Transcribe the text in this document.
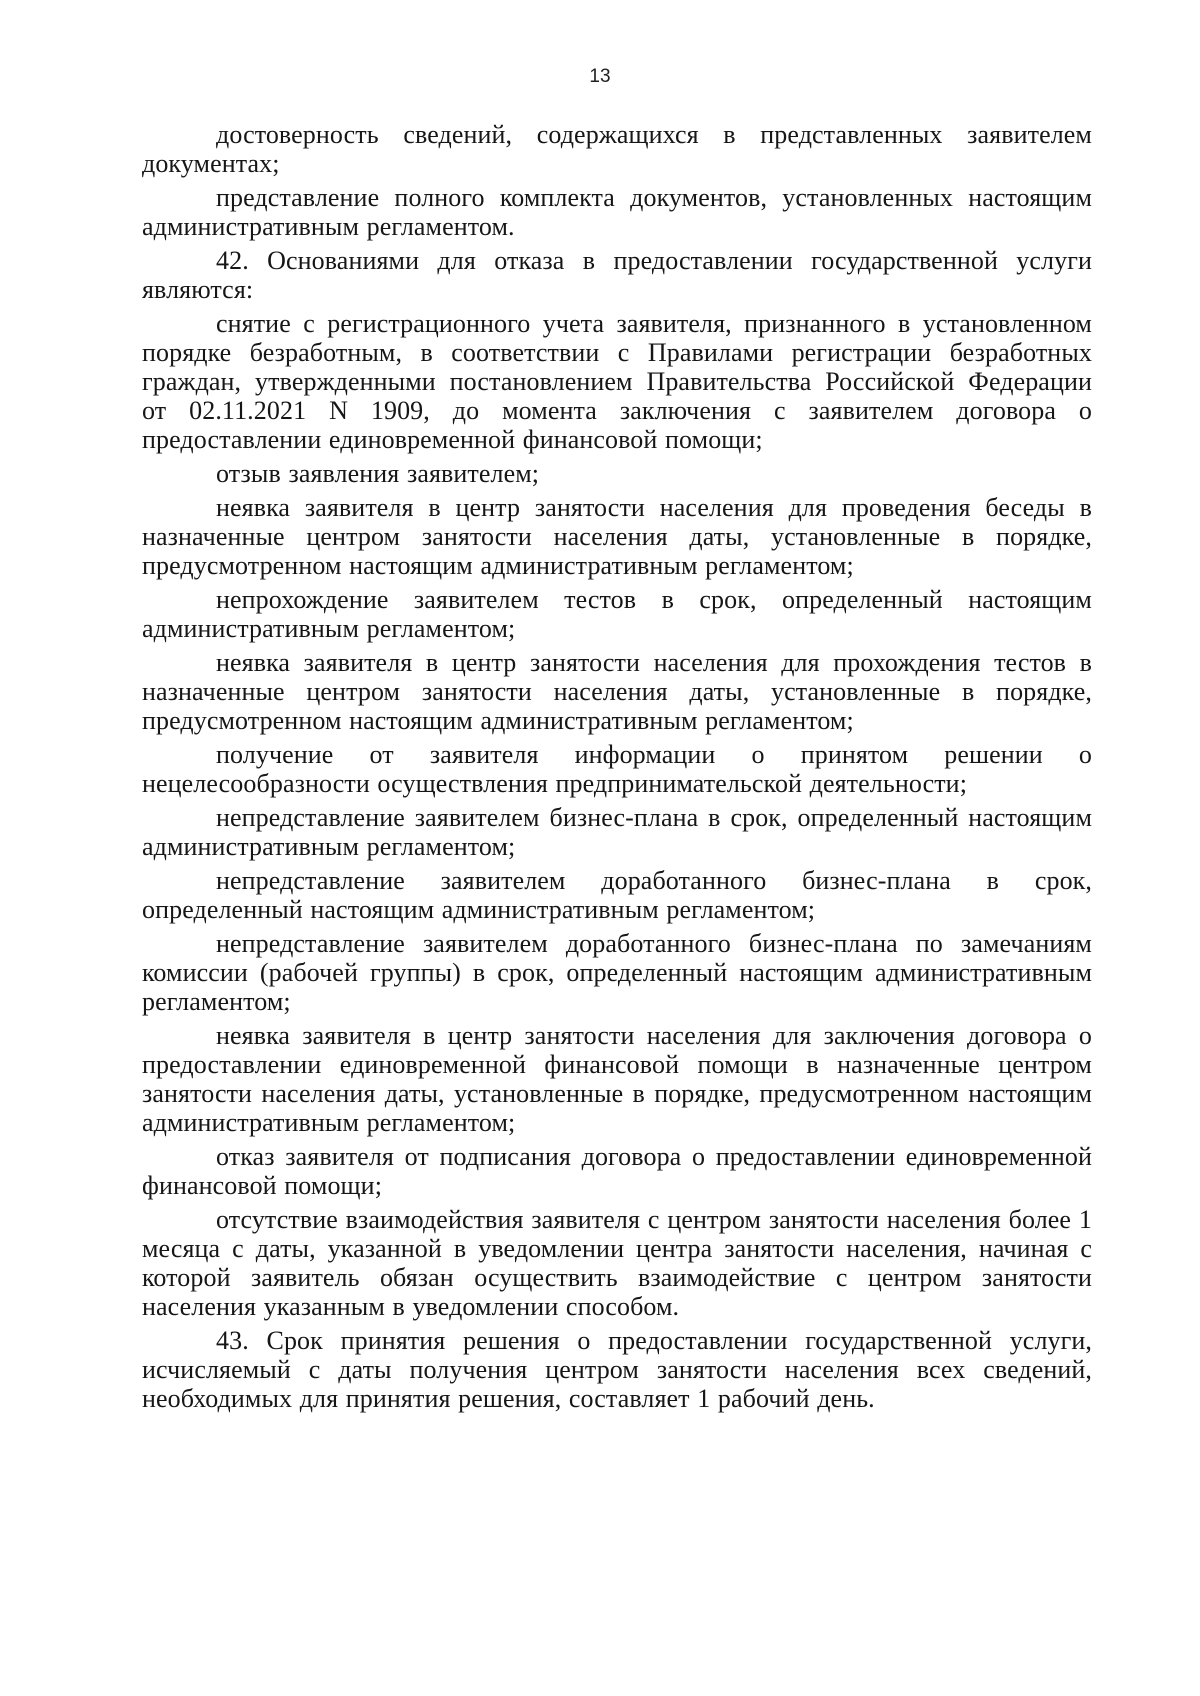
13

достоверность сведений, содержащихся в представленных заявителем документах;

представление полного комплекта документов, установленных настоящим административным регламентом.

42. Основаниями для отказа в предоставлении государственной услуги являются:

снятие с регистрационного учета заявителя, признанного в установленном порядке безработным, в соответствии с Правилами регистрации безработных граждан, утвержденными постановлением Правительства Российской Федерации от 02.11.2021 N 1909, до момента заключения с заявителем договора о предоставлении единовременной финансовой помощи;

отзыв заявления заявителем;

неявка заявителя в центр занятости населения для проведения беседы в назначенные центром занятости населения даты, установленные в порядке, предусмотренном настоящим административным регламентом;

непрохождение заявителем тестов в срок, определенный настоящим административным регламентом;

неявка заявителя в центр занятости населения для прохождения тестов в назначенные центром занятости населения даты, установленные в порядке, предусмотренном настоящим административным регламентом;

получение от заявителя информации о принятом решении о нецелесообразности осуществления предпринимательской деятельности;

непредставление заявителем бизнес-плана в срок, определенный настоящим административным регламентом;

непредставление заявителем доработанного бизнес-плана в срок, определенный настоящим административным регламентом;

непредставление заявителем доработанного бизнес-плана по замечаниям комиссии (рабочей группы) в срок, определенный настоящим административным регламентом;

неявка заявителя в центр занятости населения для заключения договора о предоставлении единовременной финансовой помощи в назначенные центром занятости населения даты, установленные в порядке, предусмотренном настоящим административным регламентом;

отказ заявителя от подписания договора о предоставлении единовременной финансовой помощи;

отсутствие взаимодействия заявителя с центром занятости населения более 1 месяца с даты, указанной в уведомлении центра занятости населения, начиная с которой заявитель обязан осуществить взаимодействие с центром занятости населения указанным в уведомлении способом.

43. Срок принятия решения о предоставлении государственной услуги, исчисляемый с даты получения центром занятости населения всех сведений, необходимых для принятия решения, составляет 1 рабочий день.
